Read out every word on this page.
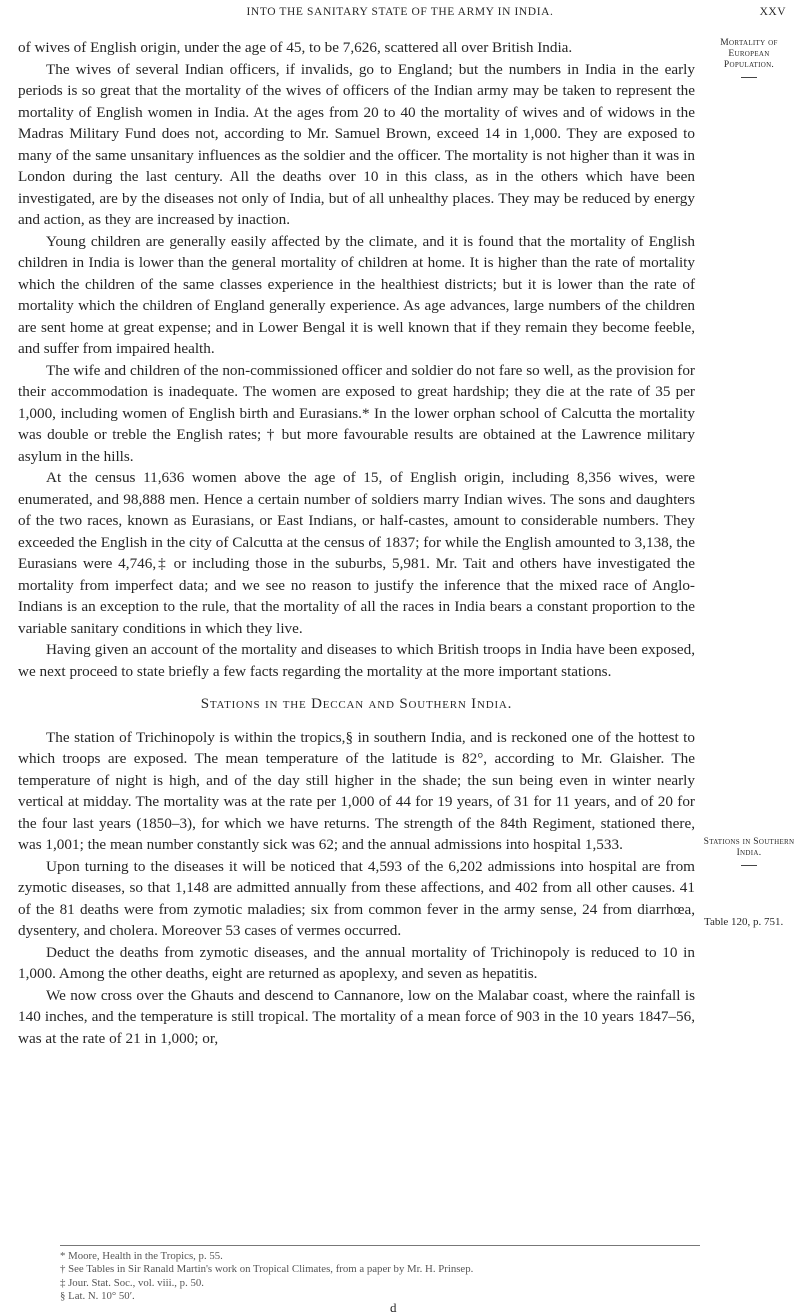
INTO THE SANITARY STATE OF THE ARMY IN INDIA.	XXV
Mortality of European Population.
Stations in Southern India.
Table 120, p. 751.

of wives of English origin, under the age of 45, to be 7,626, scattered all over British India.

The wives of several Indian officers, if invalids, go to England; but the numbers in India in the early periods is so great that the mortality of the wives of officers of the Indian army may be taken to represent the mortality of English women in India. At the ages from 20 to 40 the mortality of wives and of widows in the Madras Military Fund does not, according to Mr. Samuel Brown, exceed 14 in 1,000. They are exposed to many of the same unsanitary influences as the soldier and the officer. The mortality is not higher than it was in London during the last century. All the deaths over 10 in this class, as in the others which have been investigated, are by the diseases not only of India, but of all unhealthy places. They may be reduced by energy and action, as they are increased by inaction.

Young children are generally easily affected by the climate, and it is found that the mortality of English children in India is lower than the general mortality of children at home. It is higher than the rate of mortality which the children of the same classes experience in the healthiest districts; but it is lower than the rate of mortality which the children of England generally experience. As age advances, large numbers of the children are sent home at great expense; and in Lower Bengal it is well known that if they remain they become feeble, and suffer from impaired health.

The wife and children of the non-commissioned officer and soldier do not fare so well, as the provision for their accommodation is inadequate. The women are exposed to great hardship; they die at the rate of 35 per 1,000, including women of English birth and Eurasians.* In the lower orphan school of Calcutta the mortality was double or treble the English rates; † but more favourable results are obtained at the Lawrence military asylum in the hills.

At the census 11,636 women above the age of 15, of English origin, including 8,356 wives, were enumerated, and 98,888 men. Hence a certain number of soldiers marry Indian wives. The sons and daughters of the two races, known as Eurasians, or East Indians, or half-castes, amount to considerable numbers. They exceeded the English in the city of Calcutta at the census of 1837; for while the English amounted to 3,138, the Eurasians were 4,746,‡ or including those in the suburbs, 5,981. Mr. Tait and others have investigated the mortality from imperfect data; and we see no reason to justify the inference that the mixed race of Anglo-Indians is an exception to the rule, that the mortality of all the races in India bears a constant proportion to the variable sanitary conditions in which they live.

Having given an account of the mortality and diseases to which British troops in India have been exposed, we next proceed to state briefly a few facts regarding the mortality at the more important stations.

Stations in the Deccan and Southern India.

The station of Trichinopoly is within the tropics,§ in southern India, and is reckoned one of the hottest to which troops are exposed. The mean temperature of the latitude is 82°, according to Mr. Glaisher. The temperature of night is high, and of the day still higher in the shade; the sun being even in winter nearly vertical at midday. The mortality was at the rate per 1,000 of 44 for 19 years, of 31 for 11 years, and of 20 for the four last years (1850–3), for which we have returns. The strength of the 84th Regiment, stationed there, was 1,001; the mean number constantly sick was 62; and the annual admissions into hospital 1,533.

Upon turning to the diseases it will be noticed that 4,593 of the 6,202 admissions into hospital are from zymotic diseases, so that 1,148 are admitted annually from these affections, and 402 from all other causes. 41 of the 81 deaths were from zymotic maladies; six from common fever in the army sense, 24 from diarrhœa, dysentery, and cholera. Moreover 53 cases of vermes occurred.

Deduct the deaths from zymotic diseases, and the annual mortality of Trichinopoly is reduced to 10 in 1,000. Among the other deaths, eight are returned as apoplexy, and seven as hepatitis.

We now cross over the Ghauts and descend to Cannanore, low on the Malabar coast, where the rainfall is 140 inches, and the temperature is still tropical. The mortality of a mean force of 903 in the 10 years 1847–56, was at the rate of 21 in 1,000; or,

* Moore, Health in the Tropics, p. 55.
† See Tables in Sir Ranald Martin's work on Tropical Climates, from a paper by Mr. H. Prinsep.
‡ Jour. Stat. Soc., vol. viii., p. 50.
§ Lat. N. 10° 50′.
d
